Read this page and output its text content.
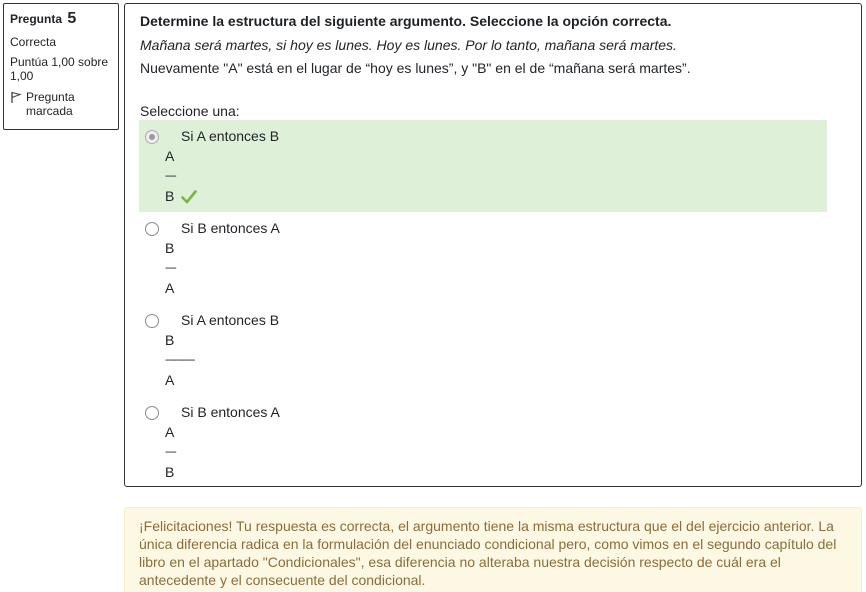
Pregunta 5
Correcta
Puntúa 1,00 sobre 1,00
Pregunta marcada
Determine la estructura del siguiente argumento. Seleccione la opción correcta.
Mañana será martes, si hoy es lunes. Hoy es lunes. Por lo tanto, mañana será martes.
Nuevamente "A" está en el lugar de “hoy es lunes”, y "B" en el de “mañana será martes”.
Seleccione una:
Si A entonces B
A
----
B
Si B entonces A
B
----
A
Si A entonces B
B
-----------
A
Si B entonces A
A
----
B
¡Felicitaciones! Tu respuesta es correcta, el argumento tiene la misma estructura que el del ejercicio anterior. La única diferencia radica en la formulación del enunciado condicional pero, como vimos en el segundo capítulo del libro en el apartado "Condicionales", esa diferencia no alteraba nuestra decisión respecto de cuál era el antecedente y el consecuente del condicional.
